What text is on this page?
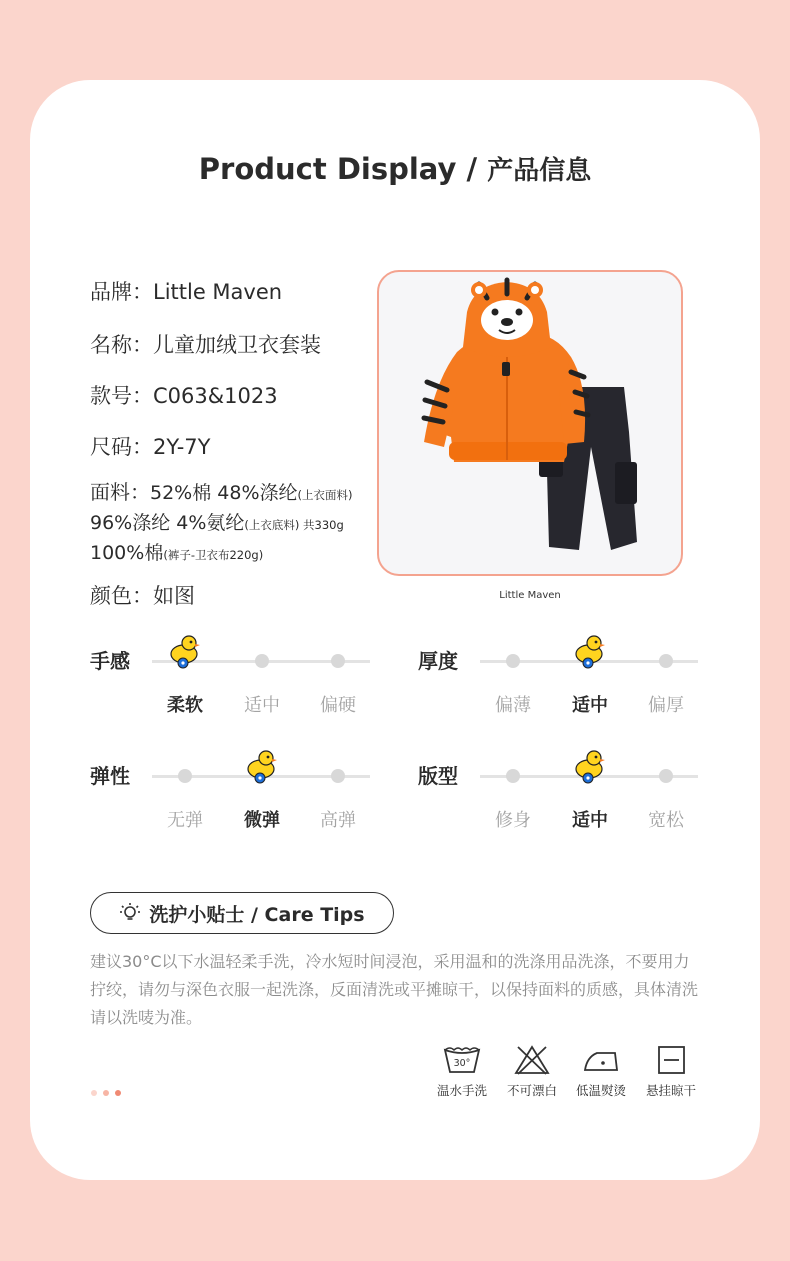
Product Display / 产品信息
品牌：Little Maven
名称：儿童加绒卫衣套装
款号：C063&1023
尺码：2Y-7Y
面料：52%棉 48%涤纶(上衣面料)
96%涤纶 4%氨纶(上衣底料) 共330g
100%棉(裤子-卫衣布220g)
颜色：如图	Little Maven
手感
柔软	适中	偏硬
厚度
偏薄	适中	偏厚
弹性
无弹	微弹	高弹
版型
修身	适中	宽松
洗护小贴士 / Care Tips
建议30°C以下水温轻柔手洗，冷水短时间浸泡，采用温和的洗涤用品洗涤，不要用力拧绞，请勿与深色衣服一起洗涤，反面清洗或平摊晾干，以保持面料的质感，具体清洗请以洗唛为准。
30°
温水手洗	不可漂白	低温熨烫	悬挂晾干
